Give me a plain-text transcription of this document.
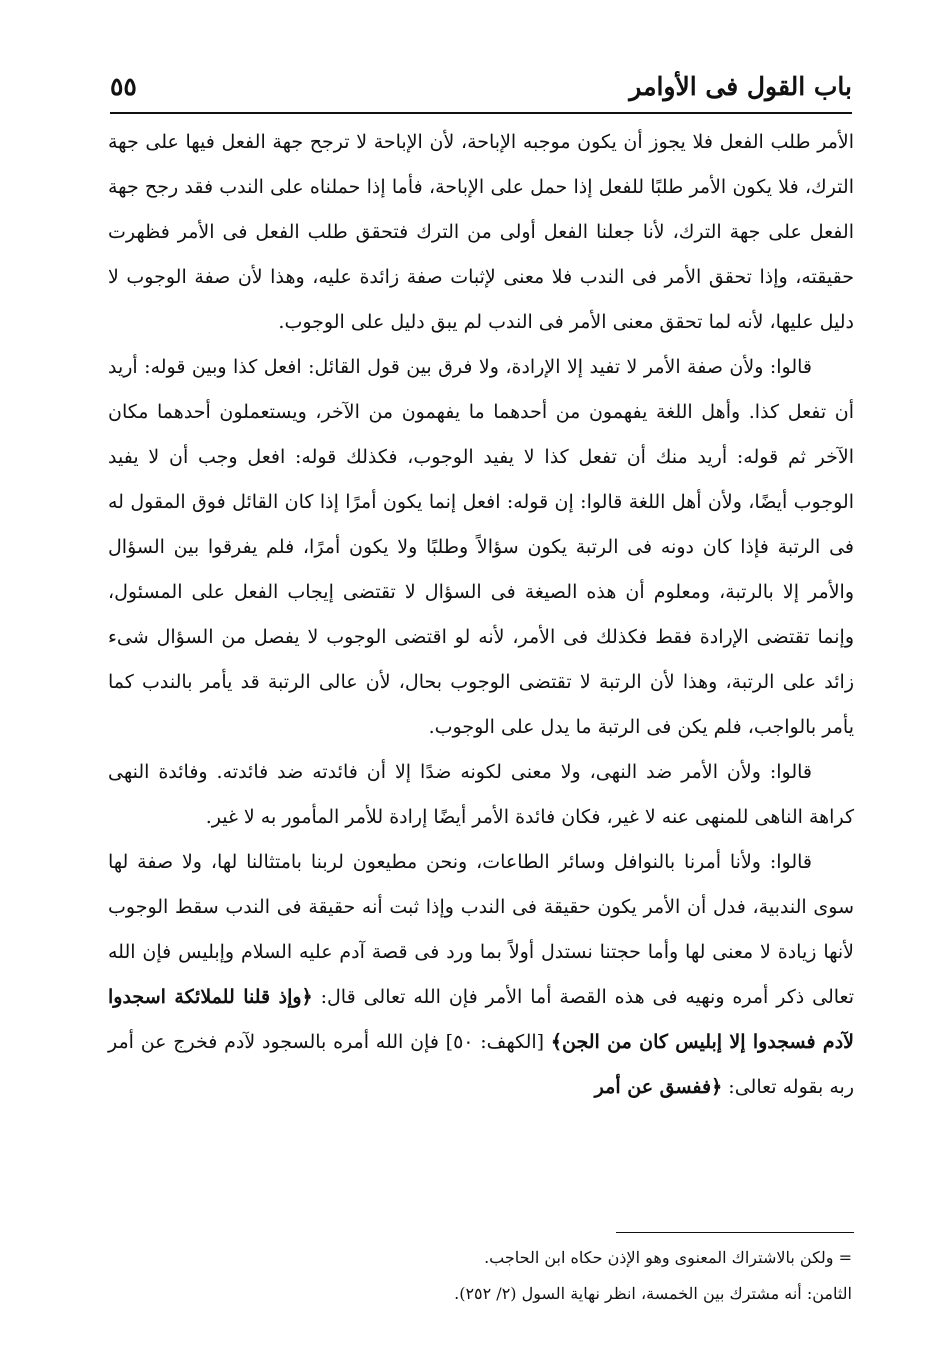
باب القول فى الأوامر
٥٥

الأمر طلب الفعل فلا يجوز أن يكون موجبه الإباحة، لأن الإباحة لا ترجح جهة الفعل فيها على جهة الترك، فلا يكون الأمر طلبًا للفعل إذا حمل على الإباحة، فأما إذا حملناه على الندب فقد رجح جهة الفعل على جهة الترك، لأنا جعلنا الفعل أولى من الترك فتحقق طلب الفعل فى الأمر فظهرت حقيقته، وإذا تحقق الأمر فى الندب فلا معنى لإثبات صفة زائدة عليه، وهذا لأن صفة الوجوب لا دليل عليها، لأنه لما تحقق معنى الأمر فى الندب لم يبق دليل على الوجوب.

قالوا: ولأن صفة الأمر لا تفيد إلا الإرادة، ولا فرق بين قول القائل: افعل كذا وبين قوله: أريد أن تفعل كذا. وأهل اللغة يفهمون من أحدهما ما يفهمون من الآخر، ويستعملون أحدهما مكان الآخر ثم قوله: أريد منك أن تفعل كذا لا يفيد الوجوب، فكذلك قوله: افعل وجب أن لا يفيد الوجوب أيضًا، ولأن أهل اللغة قالوا: إن قوله: افعل إنما يكون أمرًا إذا كان القائل فوق المقول له فى الرتبة فإذا كان دونه فى الرتبة يكون سؤالاً وطلبًا ولا يكون أمرًا، فلم يفرقوا بين السؤال والأمر إلا بالرتبة، ومعلوم أن هذه الصيغة فى السؤال لا تقتضى إيجاب الفعل على المسئول، وإنما تقتضى الإرادة فقط فكذلك فى الأمر، لأنه لو اقتضى الوجوب لا يفصل من السؤال شىء زائد على الرتبة، وهذا لأن الرتبة لا تقتضى الوجوب بحال، لأن عالى الرتبة قد يأمر بالندب كما يأمر بالواجب، فلم يكن فى الرتبة ما يدل على الوجوب.

قالوا: ولأن الأمر ضد النهى، ولا معنى لكونه ضدًا إلا أن فائدته ضد فائدته. وفائدة النهى كراهة الناهى للمنهى عنه لا غير، فكان فائدة الأمر أيضًا إرادة للأمر المأمور به لا غير.

قالوا: ولأنا أمرنا بالنوافل وسائر الطاعات، ونحن مطيعون لربنا بامتثالنا لها، ولا صفة لها سوى الندبية، فدل أن الأمر يكون حقيقة فى الندب وإذا ثبت أنه حقيقة فى الندب سقط الوجوب لأنها زيادة لا معنى لها وأما حجتنا نستدل أولاً بما ورد فى قصة آدم عليه السلام وإبليس فإن الله تعالى ذكر أمره ونهيه فى هذه القصة أما الأمر فإن الله تعالى قال: ﴿وإذ قلنا للملائكة اسجدوا لآدم فسجدوا إلا إبليس كان من الجن﴾ [الكهف: ٥٠] فإن الله أمره بالسجود لآدم فخرج عن أمر ربه بقوله تعالى: ﴿ففسق عن أمر

= ولكن بالاشتراك المعنوى وهو الإذن حكاه ابن الحاجب.

الثامن: أنه مشترك بين الخمسة، انظر نهاية السول (٢/ ٢٥٢).
